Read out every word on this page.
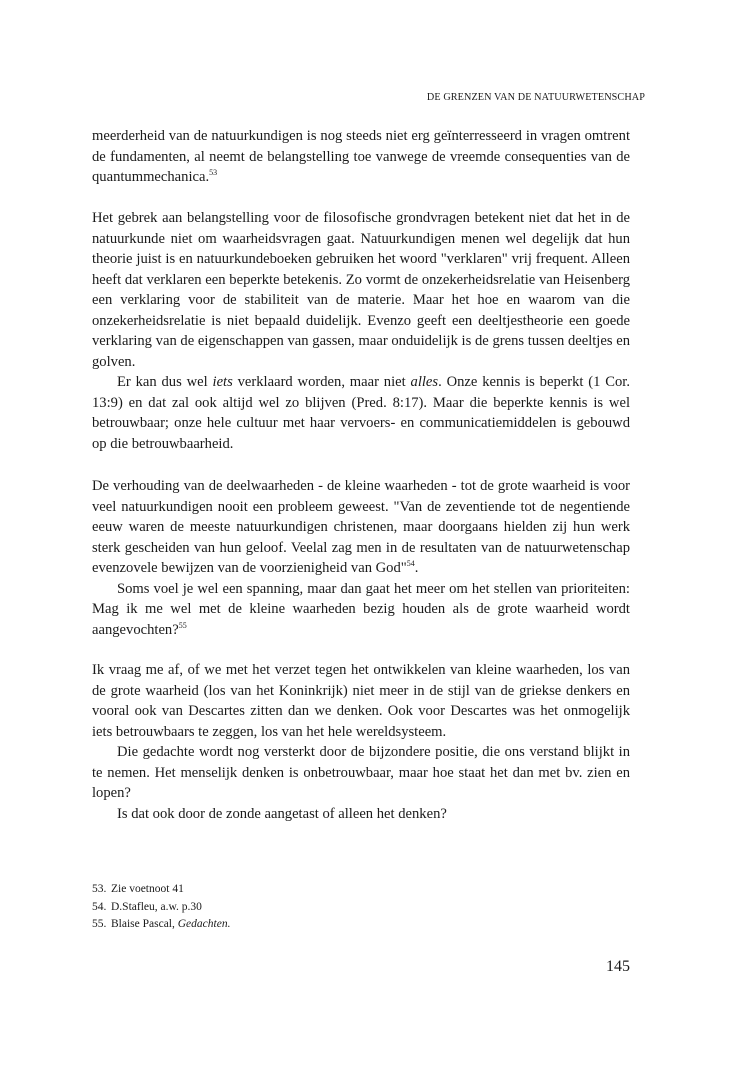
DE GRENZEN VAN DE NATUURWETENSCHAP

meerderheid van de natuurkundigen is nog steeds niet erg geïnterresseerd in vragen omtrent de fundamenten, al neemt de belangstelling toe vanwege de vreemde consequenties van de quantummechanica.$^{53}$

Het gebrek aan belangstelling voor de filosofische grondvragen betekent niet dat het in de natuurkunde niet om waarheidsvragen gaat. Natuurkundigen menen wel degelijk dat hun theorie juist is en natuurkundeboeken gebruiken het woord "verklaren" vrij frequent. Alleen heeft dat verklaren een beperkte betekenis. Zo vormt de onzekerheidsrelatie van Heisenberg een verklaring voor de stabiliteit van de materie. Maar het hoe en waarom van die onzekerheidsrelatie is niet bepaald duidelijk. Evenzo geeft een deeltjestheorie een goede verklaring van de eigenschappen van gassen, maar onduidelijk is de grens tussen deeltjes en golven.

Er kan dus wel iets verklaard worden, maar niet alles. Onze kennis is beperkt (1 Cor. 13:9) en dat zal ook altijd wel zo blijven (Pred. 8:17). Maar die beperkte kennis is wel betrouwbaar; onze hele cultuur met haar vervoers- en communicatiemiddelen is gebouwd op die betrouwbaarheid.

De verhouding van de deelwaarheden - de kleine waarheden - tot de grote waarheid is voor veel natuurkundigen nooit een probleem geweest. "Van de zeventiende tot de negentiende eeuw waren de meeste natuurkundigen christenen, maar doorgaans hielden zij hun werk sterk gescheiden van hun geloof. Veelal zag men in de resultaten van de natuurwetenschap evenzovele bewijzen van de voorzienigheid van God"$^{54}$.

Soms voel je wel een spanning, maar dan gaat het meer om het stellen van prioriteiten: Mag ik me wel met de kleine waarheden bezig houden als de grote waarheid wordt aangevochten?$^{55}$

Ik vraag me af, of we met het verzet tegen het ontwikkelen van kleine waarheden, los van de grote waarheid (los van het Koninkrijk) niet meer in de stijl van de griekse denkers en vooral ook van Descartes zitten dan we denken. Ook voor Descartes was het onmogelijk iets betrouwbaars te zeggen, los van het hele wereldsysteem.

Die gedachte wordt nog versterkt door de bijzondere positie, die ons verstand blijkt in te nemen. Het menselijk denken is onbetrouwbaar, maar hoe staat het dan met bv. zien en lopen?

Is dat ook door de zonde aangetast of alleen het denken?

53. Zie voetnoot 41
54. D.Stafleu, a.w. p.30
55. Blaise Pascal, Gedachten.
145
